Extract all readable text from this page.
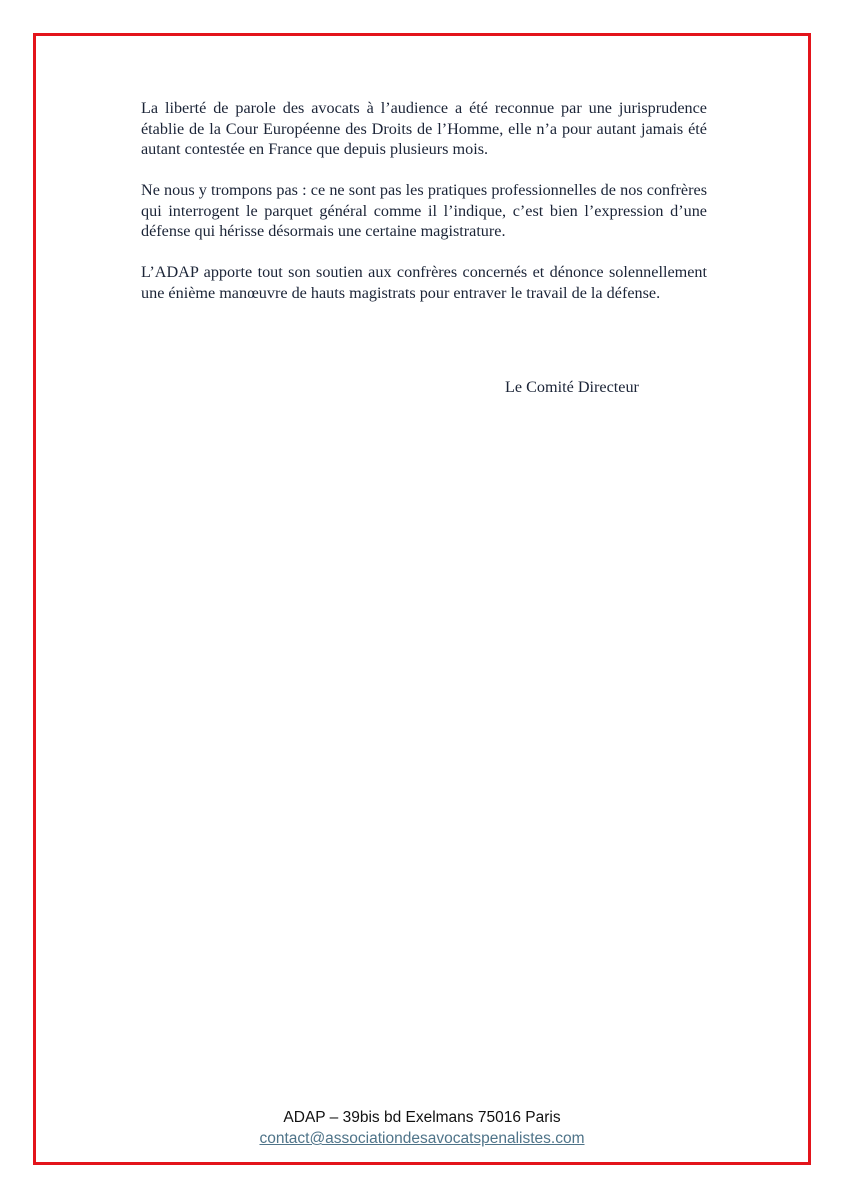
La liberté de parole des avocats à l’audience a été reconnue par une jurisprudence établie de la Cour Européenne des Droits de l’Homme, elle n’a pour autant jamais été autant contestée en France que depuis plusieurs mois.

Ne nous y trompons pas : ce ne sont pas les pratiques professionnelles de nos confrères qui interrogent le parquet général comme il l’indique, c’est bien l’expression d’une défense qui hérisse désormais une certaine magistrature.

L’ADAP apporte tout son soutien aux confrères concernés et dénonce solennellement une énième manœuvre de hauts magistrats pour entraver le travail de la défense.

Le Comité Directeur
ADAP – 39bis bd Exelmans 75016 Paris
contact@associationdesavocatspenalistes.com
